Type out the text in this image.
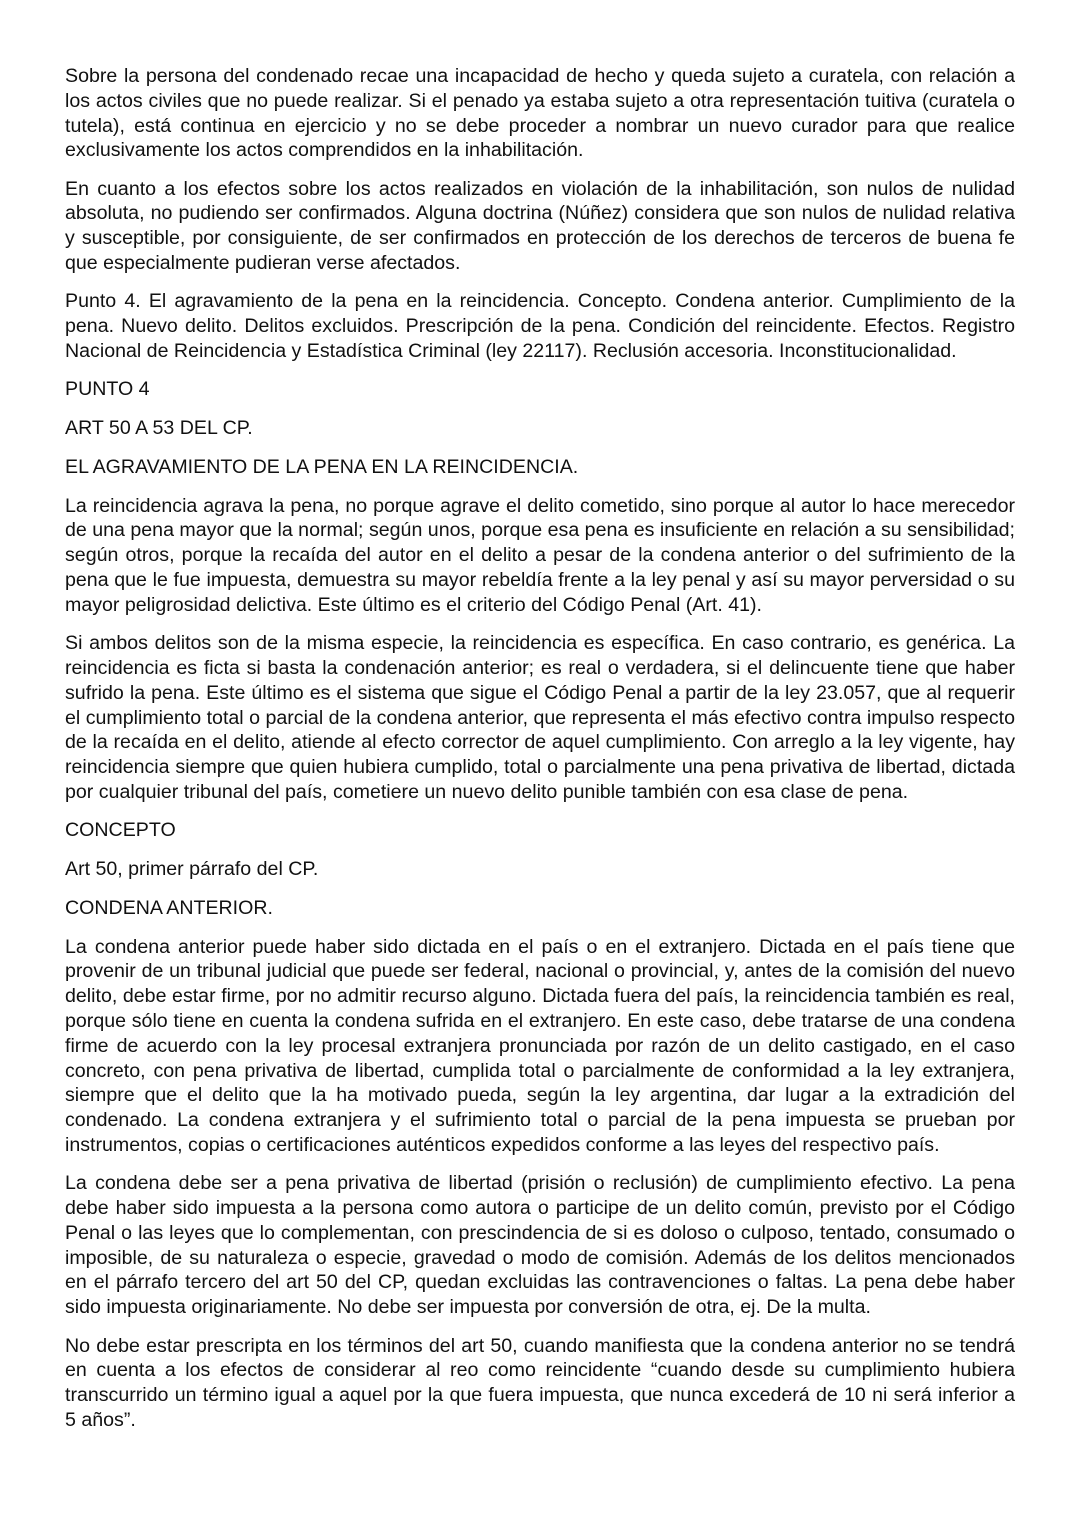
Sobre la persona del condenado recae una incapacidad de hecho y queda sujeto a curatela, con relación a los actos civiles que no puede realizar. Si el penado ya estaba sujeto a otra representación tuitiva (curatela o tutela), está continua en ejercicio y no se debe proceder a nombrar un nuevo curador para que realice exclusivamente los actos comprendidos en la inhabilitación.

En cuanto a los efectos sobre los actos realizados en violación de la inhabilitación, son nulos de nulidad absoluta, no pudiendo ser confirmados. Alguna doctrina (Núñez) considera que son nulos de nulidad relativa y susceptible, por consiguiente, de ser confirmados en protección de los derechos de terceros de buena fe que especialmente pudieran verse afectados.

Punto 4. El agravamiento de la pena en la reincidencia. Concepto. Condena anterior. Cumplimiento de la pena. Nuevo delito. Delitos excluidos. Prescripción de la pena. Condición del reincidente. Efectos. Registro Nacional de Reincidencia y Estadística Criminal (ley 22117). Reclusión accesoria. Inconstitucionalidad.

PUNTO 4

ART 50 A 53 DEL CP.

EL AGRAVAMIENTO DE LA PENA EN LA REINCIDENCIA.

La reincidencia agrava la pena, no porque agrave el delito cometido, sino porque al autor lo hace merecedor de una pena mayor que la normal; según unos, porque esa pena es insuficiente en relación a su sensibilidad; según otros, porque la recaída del autor en el delito a pesar de la condena anterior o del sufrimiento de la pena que le fue impuesta, demuestra su mayor rebeldía frente a la ley penal y así su mayor perversidad o su mayor peligrosidad delictiva. Este último es el criterio del Código Penal (Art. 41).

Si ambos delitos son de la misma especie, la reincidencia es específica. En caso contrario, es genérica. La reincidencia es ficta si basta la condenación anterior; es real o verdadera, si el delincuente tiene que haber sufrido la pena. Este último es el sistema que sigue el Código Penal a partir de la ley 23.057, que al requerir el cumplimiento total o parcial de la condena anterior, que representa el más efectivo contra impulso respecto de la recaída en el delito, atiende al efecto corrector de aquel cumplimiento. Con arreglo a la ley vigente, hay reincidencia siempre que quien hubiera cumplido, total o parcialmente una pena privativa de libertad, dictada por cualquier tribunal del país, cometiere un nuevo delito punible también con esa clase de pena.

CONCEPTO

Art 50, primer párrafo del CP.

CONDENA ANTERIOR.

La condena anterior puede haber sido dictada en el país o en el extranjero. Dictada en el país tiene que provenir de un tribunal judicial que puede ser federal, nacional o provincial, y, antes de la comisión del nuevo delito, debe estar firme, por no admitir recurso alguno. Dictada fuera del país, la reincidencia también es real, porque sólo tiene en cuenta la condena sufrida en el extranjero. En este caso, debe tratarse de una condena firme de acuerdo con la ley procesal extranjera pronunciada por razón de un delito castigado, en el caso concreto, con pena privativa de libertad, cumplida total o parcialmente de conformidad a la ley extranjera, siempre que el delito que la ha motivado pueda, según la ley argentina, dar lugar a la extradición del condenado. La condena extranjera y el sufrimiento total o parcial de la pena impuesta se prueban por instrumentos, copias o certificaciones auténticos expedidos conforme a las leyes del respectivo país.

La condena debe ser a pena privativa de libertad (prisión o reclusión) de cumplimiento efectivo. La pena debe haber sido impuesta a la persona como autora o participe de un delito común, previsto por el Código Penal o las leyes que lo complementan, con prescindencia de si es doloso o culposo, tentado, consumado o imposible, de su naturaleza o especie, gravedad o modo de comisión. Además de los delitos mencionados en el párrafo tercero del art 50 del CP, quedan excluidas las contravenciones o faltas. La pena debe haber sido impuesta originariamente. No debe ser impuesta por conversión de otra, ej. De la multa.

No debe estar prescripta en los términos del art 50, cuando manifiesta que la condena anterior no se tendrá en cuenta a los efectos de considerar al reo como reincidente “cuando desde su cumplimiento hubiera transcurrido un término igual a aquel por la que fuera impuesta, que nunca excederá de 10 ni será inferior a 5 años”.
